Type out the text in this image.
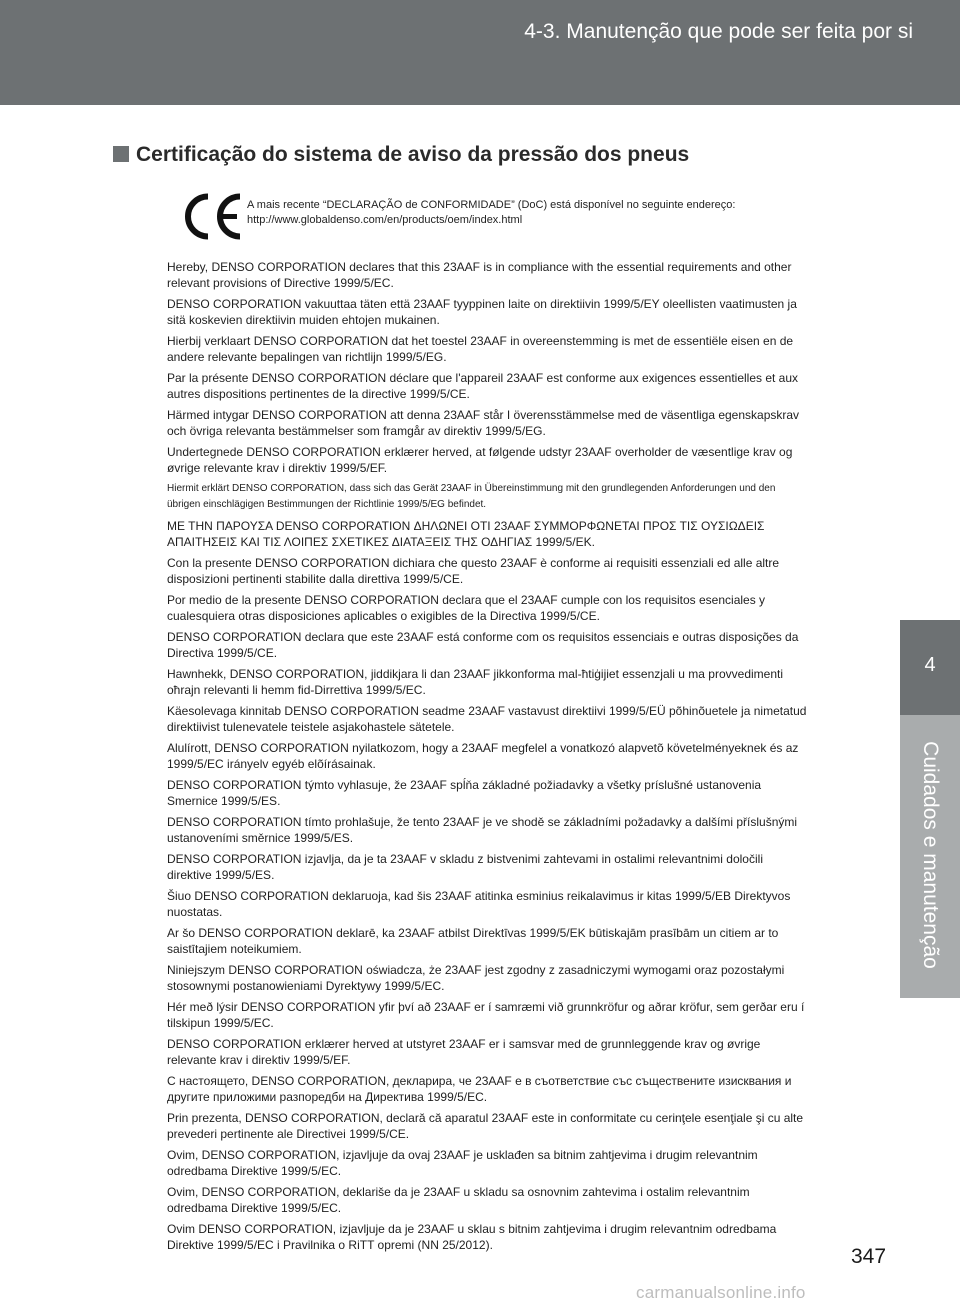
4-3. Manutenção que pode ser feita por si
4
Cuidados e manutenção
Certificação do sistema de aviso da pressão dos pneus
A mais recente “DECLARAÇÃO de CONFORMIDADE” (DoC) está disponível no seguinte endereço:
http://www.globaldenso.com/en/products/oem/index.html
Hereby, DENSO CORPORATION declares that this 23AAF is in compliance with the essential requirements and other relevant provisions of Directive 1999/5/EC.
DENSO CORPORATION vakuuttaa täten että 23AAF tyyppinen laite on direktiivin 1999/5/EY oleellisten vaatimusten ja sitä koskevien direktiivin muiden ehtojen mukainen.
Hierbij verklaart DENSO CORPORATION dat het toestel 23AAF in overeenstemming is met de essentiële eisen en de andere relevante bepalingen van richtlijn 1999/5/EG.
Par la présente DENSO CORPORATION déclare que l'appareil 23AAF est conforme aux exigences essentielles et aux autres dispositions pertinentes de la directive 1999/5/CE.
Härmed intygar DENSO CORPORATION att denna 23AAF står I överensstämmelse med de väsentliga egenskapskrav och övriga relevanta bestämmelser som framgår av direktiv 1999/5/EG.
Undertegnede DENSO CORPORATION erklærer herved, at følgende udstyr 23AAF overholder de væsentlige krav og øvrige relevante krav i direktiv 1999/5/EF.
Hiermit erklärt DENSO CORPORATION, dass sich das Gerät 23AAF in Übereinstimmung mit den grundlegenden Anforderungen und den übrigen einschlägigen Bestimmungen der Richtlinie 1999/5/EG befindet.
ΜΕ ΤΗΝ ΠΑΡΟΥΣΑ DENSO CORPORATION ΔΗΛΩΝΕΙ ΟΤΙ 23AAF ΣΥΜΜΟΡΦΩΝΕΤΑΙ ΠΡΟΣ ΤΙΣ ΟΥΣΙΩΔΕΙΣ ΑΠΑΙΤΗΣΕΙΣ ΚΑΙ ΤΙΣ ΛΟΙΠΕΣ ΣΧΕΤΙΚΕΣ ΔΙΑΤΑΞΕΙΣ ΤΗΣ ΟΔΗΓΙΑΣ 1999/5/ΕΚ.
Con la presente DENSO CORPORATION dichiara che questo 23AAF è conforme ai requisiti essenziali ed alle altre disposizioni pertinenti stabilite dalla direttiva 1999/5/CE.
Por medio de la presente DENSO CORPORATION declara que el 23AAF cumple con los requisitos esenciales y cualesquiera otras disposiciones aplicables o exigibles de la Directiva 1999/5/CE.
DENSO CORPORATION declara que este 23AAF está conforme com os requisitos essenciais e outras disposições da Directiva 1999/5/CE.
Hawnhekk, DENSO CORPORATION, jiddikjara li dan 23AAF jikkonforma mal-ħtiġijiet essenzjali u ma provvedimenti oħrajn relevanti li hemm fid-Dirrettiva 1999/5/EC.
Käesolevaga kinnitab DENSO CORPORATION seadme 23AAF vastavust direktiivi 1999/5/EÜ põhinõuetele ja nimetatud direktiivist tulenevatele teistele asjakohastele sätetele.
Alulírott, DENSO CORPORATION nyilatkozom, hogy a 23AAF megfelel a vonatkozó alapvetõ követelményeknek és az 1999/5/EC irányelv egyéb elõírásainak.
DENSO CORPORATION týmto vyhlasuje, že 23AAF spĺňa základné požiadavky a všetky príslušné ustanovenia Smernice 1999/5/ES.
DENSO CORPORATION tímto prohlašuje, že tento 23AAF je ve shodě se základními požadavky a dalšími příslušnými ustanoveními směrnice 1999/5/ES.
DENSO CORPORATION izjavlja, da je ta 23AAF v skladu z bistvenimi zahtevami in ostalimi relevantnimi določili direktive 1999/5/ES.
Šiuo DENSO CORPORATION deklaruoja, kad šis 23AAF atitinka esminius reikalavimus ir kitas 1999/5/EB Direktyvos nuostatas.
Ar šo DENSO CORPORATION deklarē, ka 23AAF atbilst Direktīvas 1999/5/EK būtiskajām prasībām un citiem ar to saistītajiem noteikumiem.
Niniejszym DENSO CORPORATION oświadcza, że 23AAF jest zgodny z zasadniczymi wymogami oraz pozostałymi stosownymi postanowieniami Dyrektywy 1999/5/EC.
Hér með lýsir DENSO CORPORATION yfir því að 23AAF er í samræmi við grunnkröfur og aðrar kröfur, sem gerðar eru í tilskipun 1999/5/EC.
DENSO CORPORATION erklærer herved at utstyret 23AAF er i samsvar med de grunnleggende krav og øvrige relevante krav i direktiv 1999/5/EF.
С настоящето, DENSO CORPORATION, декларира, че 23AAF е в съответствие със съществените изисквания и другите приложими разпоредби на Директива 1999/5/ЕС.
Prin prezenta, DENSO CORPORATION, declară că aparatul 23AAF este in conformitate cu cerinţele esenţiale şi cu alte prevederi pertinente ale Directivei 1999/5/CE.
Ovim, DENSO CORPORATION, izjavljuje da ovaj 23AAF je usklađen sa bitnim zahtjevima i drugim relevantnim odredbama Direktive 1999/5/EC.
Ovim, DENSO CORPORATION, deklariše da je 23AAF u skladu sa osnovnim zahtevima i ostalim relevantnim odredbama Direktive 1999/5/EC.
Ovim DENSO CORPORATION, izjavljuje da je 23AAF u sklau s bitnim zahtjevima i drugim relevantnim odredbama Direktive 1999/5/EC i Pravilnika o RiTT opremi (NN 25/2012).	347
carmanualsonline.info
